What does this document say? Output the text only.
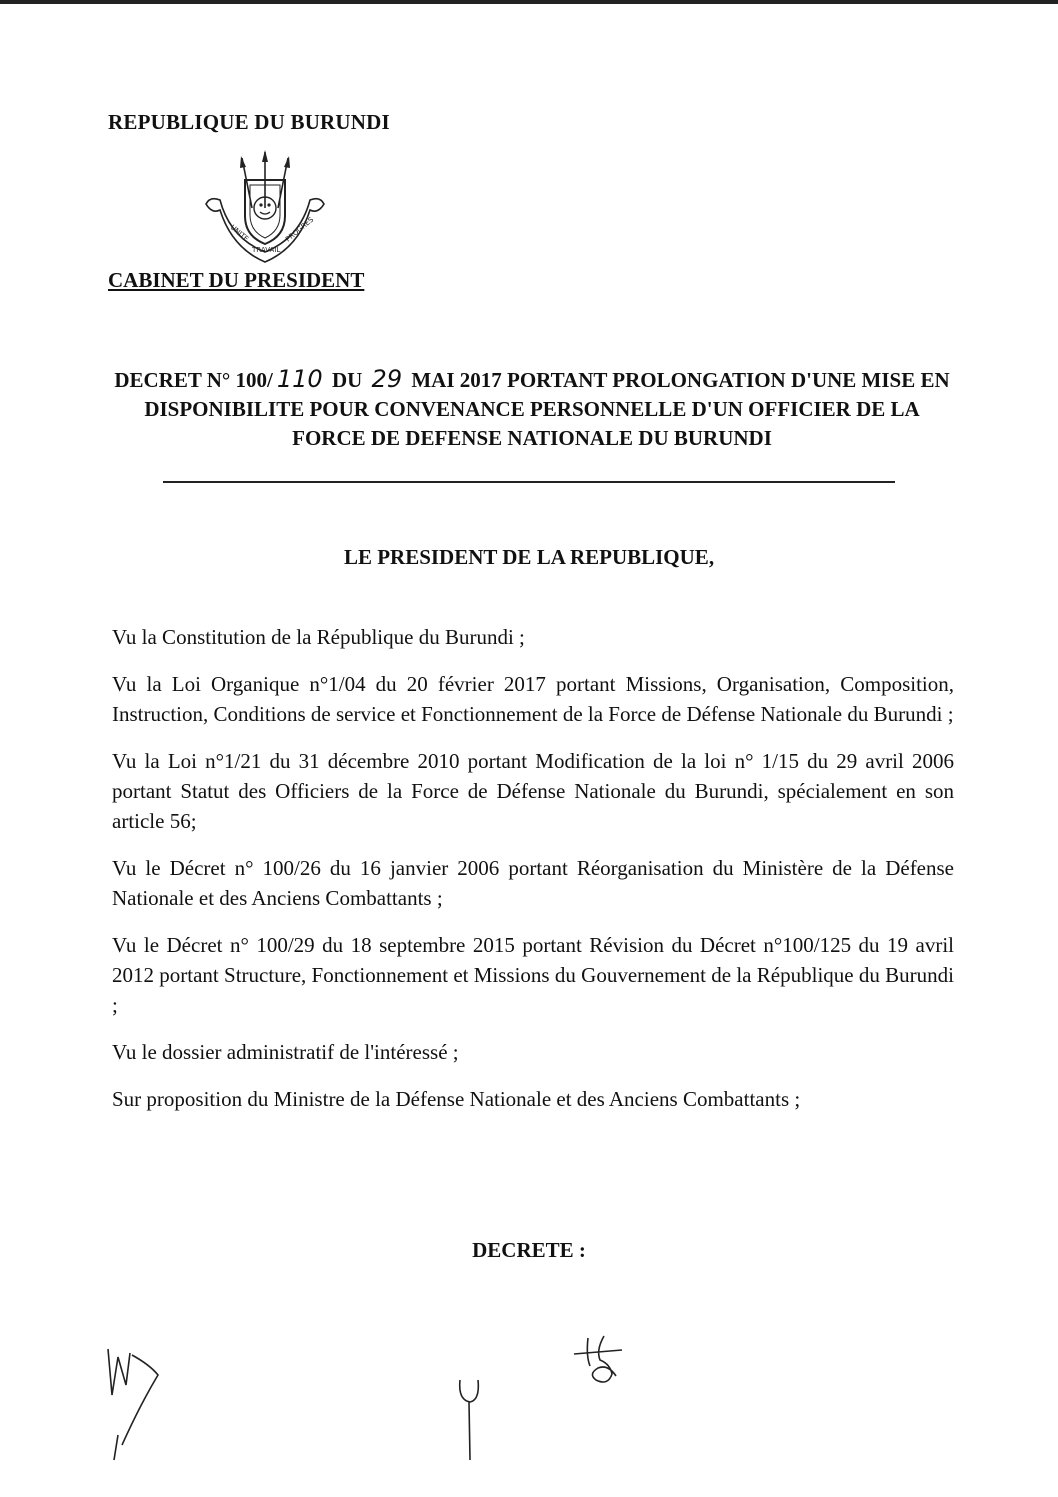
REPUBLIQUE DU BURUNDI
UNITE
TRAVAIL
PROGRES
CABINET DU PRESIDENT
DECRET N° 100/ 110 DU 29 MAI 2017 PORTANT PROLONGATION D'UNE MISE EN DISPONIBILITE POUR CONVENANCE PERSONNELLE D'UN OFFICIER DE LA FORCE DE DEFENSE NATIONALE DU BURUNDI
LE PRESIDENT DE LA REPUBLIQUE,

Vu la Constitution de la République du Burundi ;

Vu la Loi Organique n°1/04 du 20 février 2017 portant Missions, Organisation, Composition, Instruction, Conditions de service et Fonctionnement de la Force de Défense Nationale du Burundi ;

Vu la Loi n°1/21 du 31 décembre 2010 portant Modification de la loi n° 1/15 du 29 avril 2006 portant Statut des Officiers de la Force de Défense Nationale du Burundi, spécialement en son article 56;

Vu le Décret n° 100/26 du 16 janvier 2006 portant Réorganisation du Ministère de la Défense Nationale et des Anciens Combattants ;

Vu le Décret n° 100/29 du 18 septembre 2015 portant Révision du Décret n°100/125 du 19 avril 2012 portant Structure, Fonctionnement et Missions du Gouvernement de la République du Burundi ;

Vu le dossier administratif de l'intéressé ;

Sur proposition du Ministre de la Défense Nationale et des Anciens Combattants ;

DECRETE :
